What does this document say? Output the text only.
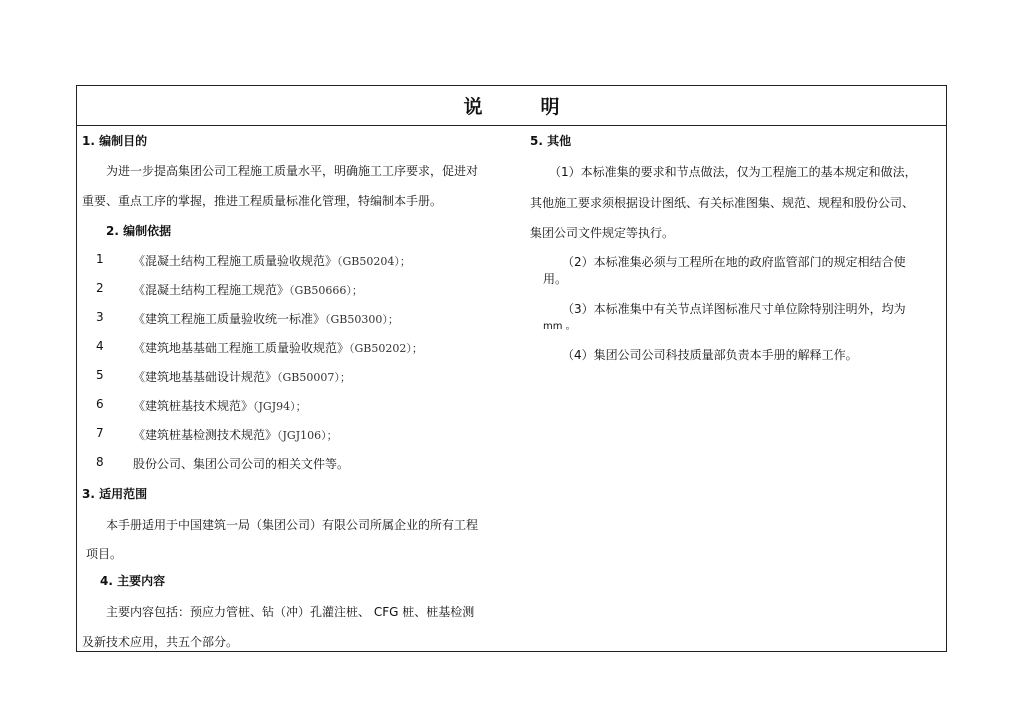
说	明
1. 编制目的
为进一步提高集团公司工程施工质量水平，明确施工工序要求，促进对
重要、重点工序的掌握，推进工程质量标准化管理，特编制本手册。
2. 编制依据
1 《混凝土结构工程施工质量验收规范》（GB50204）；
2 《混凝土结构工程施工规范》（GB50666）；
3 《建筑工程施工质量验收统一标准》（GB50300）；
4 《建筑地基基础工程施工质量验收规范》（GB50202）；
5 《建筑地基基础设计规范》（GB50007）；
6 《建筑桩基技术规范》（JGJ94）；
7 《建筑桩基检测技术规范》（JGJ106）；
8 股份公司、集团公司公司的相关文件等。
3. 适用范围
本手册适用于中国建筑一局（集团公司）有限公司所属企业的所有工程
项目。
4. 主要内容
主要内容包括：预应力管桩、钻（冲）孔灌注桩、 CFG 桩、桩基检测
及新技术应用，共五个部分。
5. 其他
（1）本标准集的要求和节点做法，仅为工程施工的基本规定和做法，
其他施工要求须根据设计图纸、有关标准图集、规范、规程和股份公司、
集团公司文件规定等执行。
（2）本标准集必须与工程所在地的政府监管部门的规定相结合使
用。
（3）本标准集中有关节点详图标准尺寸单位除特别注明外，均为
mm 。
（4）集团公司公司科技质量部负责本手册的解释工作。
